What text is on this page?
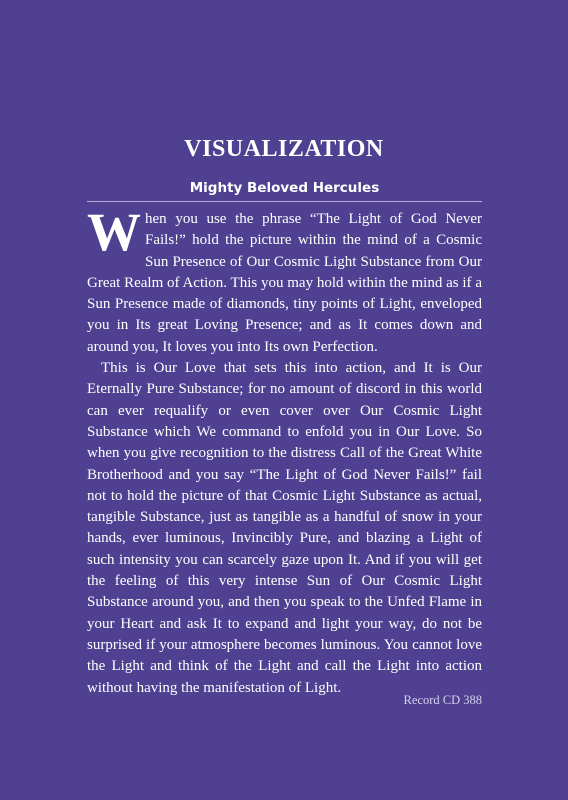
VISUALIZATION
Mighty Beloved Hercules

When you use the phrase “The Light of God Never Fails!” hold the picture within the mind of a Cosmic Sun Presence of Our Cosmic Light Substance from Our Great Realm of Action. This you may hold within the mind as if a Sun Presence made of diamonds, tiny points of Light, enveloped you in Its great Loving Presence; and as It comes down and around you, It loves you into Its own Perfection.

This is Our Love that sets this into action, and It is Our Eternally Pure Substance; for no amount of discord in this world can ever requalify or even cover over Our Cosmic Light Substance which We command to enfold you in Our Love. So when you give recognition to the distress Call of the Great White Brotherhood and you say “The Light of God Never Fails!” fail not to hold the picture of that Cosmic Light Substance as actual, tangible Substance, just as tangible as a handful of snow in your hands, ever luminous, Invincibly Pure, and blazing a Light of such intensity you can scarcely gaze upon It. And if you will get the feeling of this very intense Sun of Our Cosmic Light Substance around you, and then you speak to the Unfed Flame in your Heart and ask It to expand and light your way, do not be surprised if your atmosphere becomes luminous. You cannot love the Light and think of the Light and call the Light into action without having the manifestation of Light.

Record CD 388
